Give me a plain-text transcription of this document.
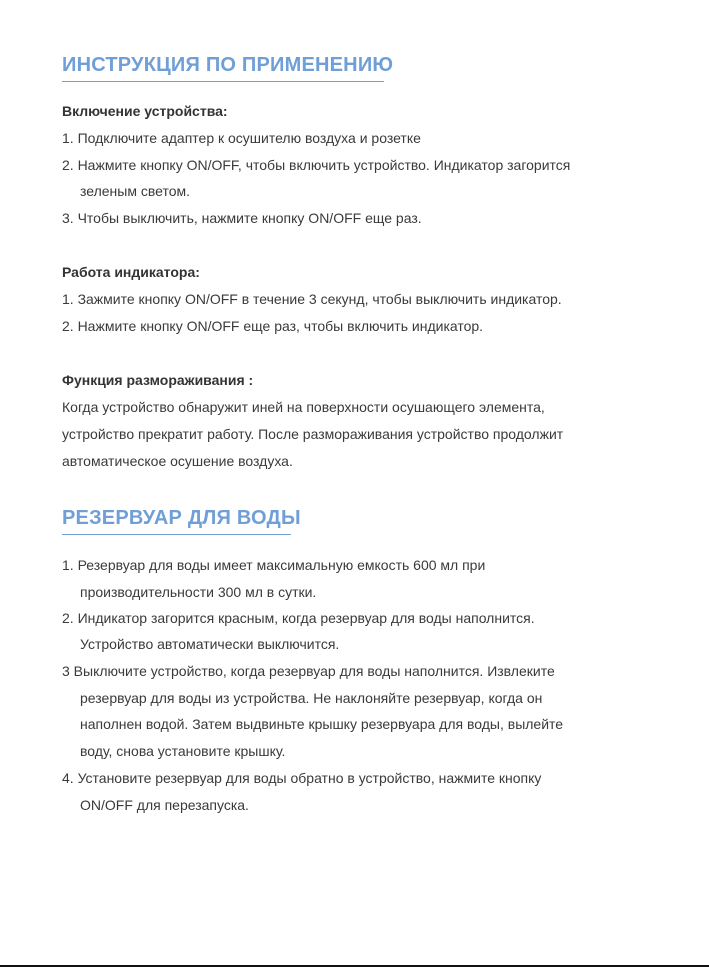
ИНСТРУКЦИЯ ПО ПРИМЕНЕНИЮ
Включение устройства:
1. Подключите адаптер к осушителю воздуха и розетке
2. Нажмите кнопку ON/OFF, чтобы включить устройство. Индикатор загорится
зеленым светом.
3. Чтобы выключить, нажмите кнопку ON/OFF еще раз.
Работа индикатора:
1. Зажмите кнопку ON/OFF в течение 3 секунд, чтобы выключить индикатор.
2. Нажмите кнопку ON/OFF еще раз, чтобы включить индикатор.
Функция размораживания :
Когда устройство обнаружит иней на поверхности осушающего элемента,
устройство прекратит работу. После размораживания устройство продолжит
автоматическое осушение воздуха.
РЕЗЕРВУАР ДЛЯ ВОДЫ
1. Резервуар для воды имеет максимальную емкость 600 мл при
производительности 300 мл в сутки.
2. Индикатор загорится красным, когда резервуар для воды наполнится.
Устройство автоматически выключится.
3 Выключите устройство, когда резервуар для воды наполнится. Извлеките
резервуар для воды из устройства. Не наклоняйте резервуар, когда он
наполнен водой. Затем выдвиньте крышку резервуара для воды, вылейте
воду, снова установите крышку.
4. Установите резервуар для воды обратно в устройство, нажмите кнопку
ON/OFF для перезапуска.
